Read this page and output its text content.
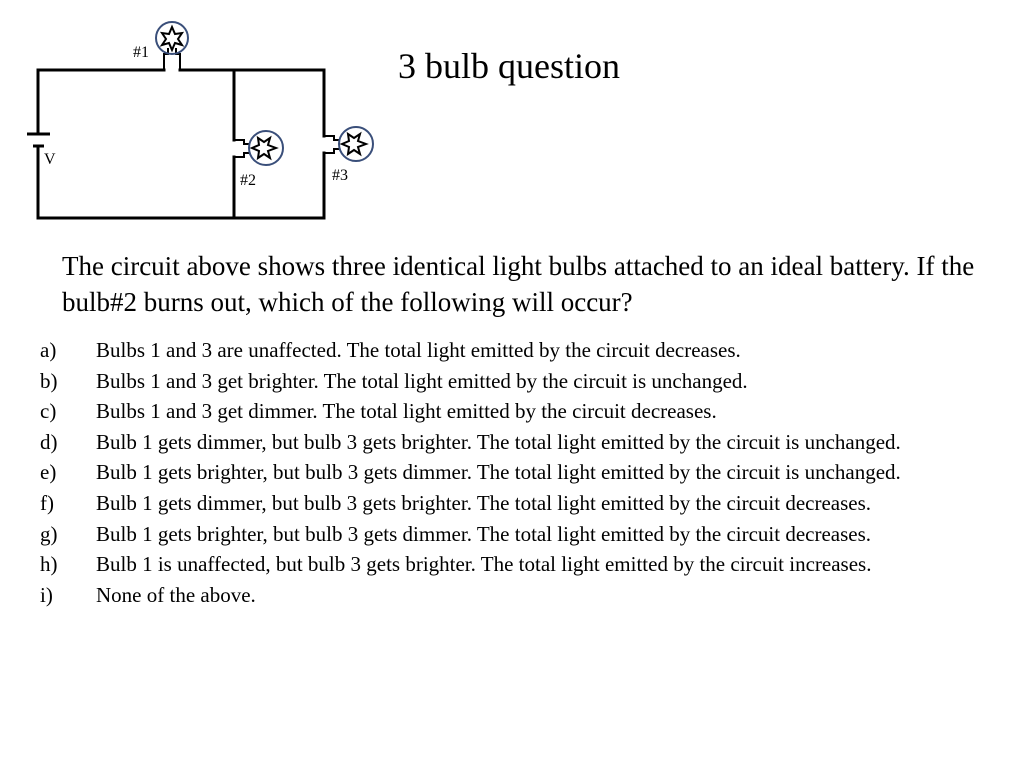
V
#1
#2	#3
3 bulb question
The circuit above shows three identical light bulbs attached to an ideal battery. If the bulb#2 burns out, which of the following will occur?
a)	Bulbs 1 and 3 are unaffected. The total light emitted by the circuit decreases.
b)	Bulbs 1 and 3 get brighter. The total light emitted by the circuit is unchanged.
c)	Bulbs 1 and 3 get dimmer. The total light emitted by the circuit decreases.
d)	Bulb 1 gets dimmer, but bulb 3 gets brighter. The total light emitted by the circuit is unchanged.
e)	Bulb 1 gets brighter, but bulb 3 gets dimmer. The total light emitted by the circuit is unchanged.
f)	Bulb 1 gets dimmer, but bulb 3 gets brighter. The total light emitted by the circuit decreases.
g)	Bulb 1 gets brighter, but bulb 3 gets dimmer. The total light emitted by the circuit decreases.
h)	Bulb 1 is unaffected, but bulb 3 gets brighter. The total light emitted by the circuit increases.
i)	None of the above.
